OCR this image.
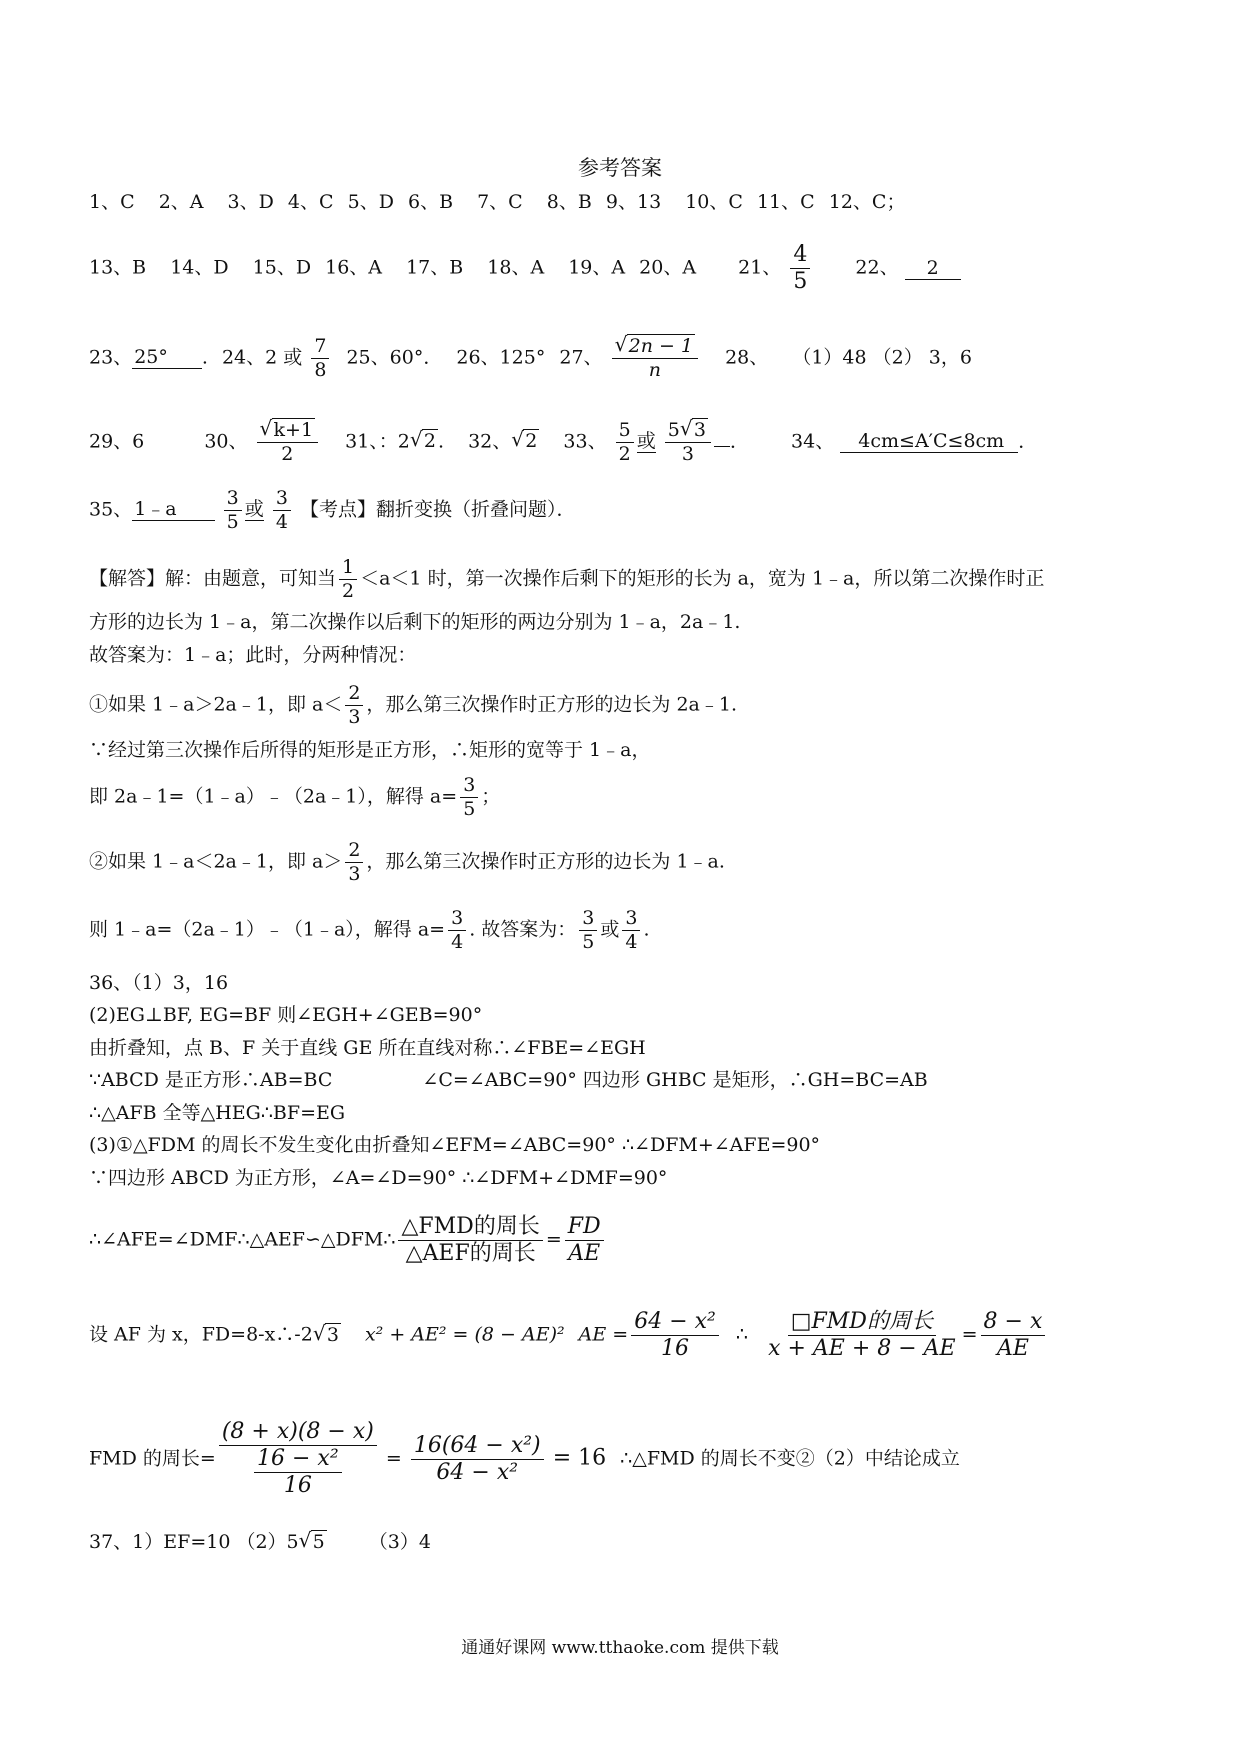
参考答案
1、C 2、A 3、D 4、C 5、D 6、B 7、C 8、B 9、13 10、C 11、C 12、C；
13、B 14、D 15、D 16、A 17、B 18、A 19、A 20、A 21、 $\frac{4}{5} 22$、 2
23、 25° . 24、2 或 $\frac{7}{8} 25$、60°． 26、125° 27、 $\frac{√ 2n - 1}{n} 28$、 （1）48 （2） 3，6
29、6	30、 $\frac{√ k+1}{2} 31$、：2 √ 2 . 32、 √ 2 33、 $\frac{5}{2}$ 或 $\frac{5 √ 3}{3}$ ． 34、 4cm≤A′C≤8cm ．
35、 1﹣a $\frac{3}{5}$ 或 $\frac{3}{4}$ 【考点】翻折变换（折叠问题）．
【解答】解：由题意，可知当 $\frac{1}{2} <a<1$ 时，第一次操作后剩下的矩形的长为 a，宽为 1﹣a，所以第二次操作时正
方形的边长为 1﹣a，第二次操作以后剩下的矩形的两边分别为 1﹣a，2a﹣1.
故答案为：1﹣a；此时，分两种情况：
①如果 1﹣a＞2a﹣1，即 $a< \frac{2}{3}$ ，那么第三次操作时正方形的边长为 2a﹣1.
∵经过第三次操作后所得的矩形是正方形，∴矩形的宽等于 1﹣a，
即 2a﹣1=（1﹣a）﹣（2a﹣1），解得 $a= \frac{3}{5}$ ；
②如果 1﹣a＜2a﹣1，即 $a> \frac{2}{3}$ ，那么第三次操作时正方形的边长为 1﹣a.
则 1﹣a=（2a﹣1）﹣（1﹣a），解得 $a= \frac{3}{4}$ . 故答案为： $\frac{3}{5}$ 或 $\frac{3}{4}$ .
36、（1）3，16
(2)EG⊥BF, EG=BF 则∠EGH+∠GEB=90°
由折叠知，点 B、F 关于直线 GE 所在直线对称∴∠FBE=∠EGH
∵ABCD 是正方形∴AB=BC	∠C=∠ABC=90° 四边形 GHBC 是矩形，∴GH=BC=AB
∴△AFB 全等△HEG∴BF=EG
(3)①△FDM 的周长不发生变化由折叠知∠EFM=∠ABC=90° ∴∠DFM+∠AFE=90°
∵四边形 ABCD 为正方形，∠A=∠D=90° ∴∠DFM+∠DMF=90°
∴∠AFE=∠DMF∴△AEF∽△DFM∴ $\frac{\text{△FMD的周长}}{\text{△AEF的周长}} = \frac{FD}{AE}$
设 AF 为 x，FD=8-x∴-2 √ 3 x² + AE² = (8 − AE)² AE = $\frac{\text{64 − x²}}{16}$ ∴ $\frac{\text{□FMD的周长}}{x + AE + 8 - AE} = \frac{8 - x}{AE}$
FMD 的周长= $\frac{(8 + x)(8 - x)}{\frac{\text{16 − x²}}{16}} = \frac{\text{16(64 − x²)}}{\text{64 − x²}} = 16$ ∴△FMD 的周长不变②（2）中结论成立
37、1）EF=10 （2）5 √ 5 （3）4
通通好课网 www.tthaoke.com 提供下载
